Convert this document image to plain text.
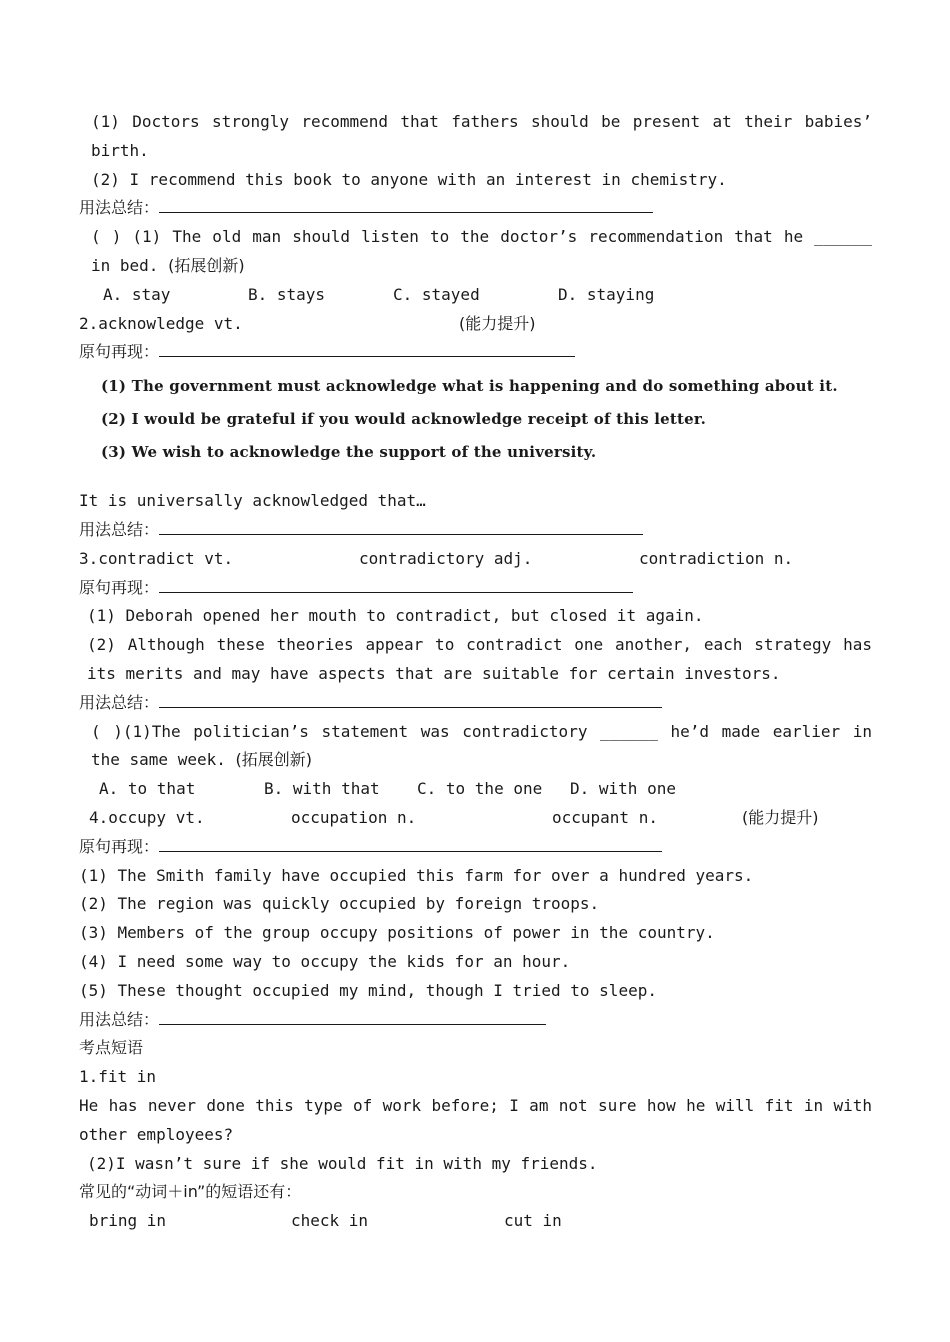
(1) Doctors strongly recommend that fathers should be present at their babies’ birth.
(2) I recommend this book to anyone with an interest in chemistry.
用法总结：
( ) (1) The old man should listen to the doctor’s recommendation that he ______ in bed. (拓展创新)
A. stay	B. stays	C. stayed	D. staying
2.acknowledge vt.	(能力提升)
原句再现：
(1) The government must acknowledge what is happening and do something about it.
(2) I would be grateful if you would acknowledge receipt of this letter.
(3) We wish to acknowledge the support of the university.
It is universally acknowledged that…
用法总结：
3.contradict vt.	contradictory adj.	contradiction n.
原句再现：
(1) Deborah opened her mouth to contradict, but closed it again.
(2) Although these theories appear to contradict one another, each strategy has its merits and may have aspects that are suitable for certain investors.
用法总结：
( )(1)The politician’s statement was contradictory ______ he’d made earlier in the same week. (拓展创新)
A. to that	B. with that	C. to the one	D. with one
4.occupy vt.	occupation n.	occupant n.	(能力提升)
原句再现：
(1) The Smith family have occupied this farm for over a hundred years.
(2) The region was quickly occupied by foreign troops.
(3) Members of the group occupy positions of power in the country.
(4) I need some way to occupy the kids for an hour.
(5) These thought occupied my mind, though I tried to sleep.
用法总结：
考点短语
1.fit in
He has never done this type of work before; I am not sure how he will fit in with other employees?
(2)I wasn’t sure if she would fit in with my friends.
常见的“动词＋in”的短语还有：
bring in	check in	cut in
